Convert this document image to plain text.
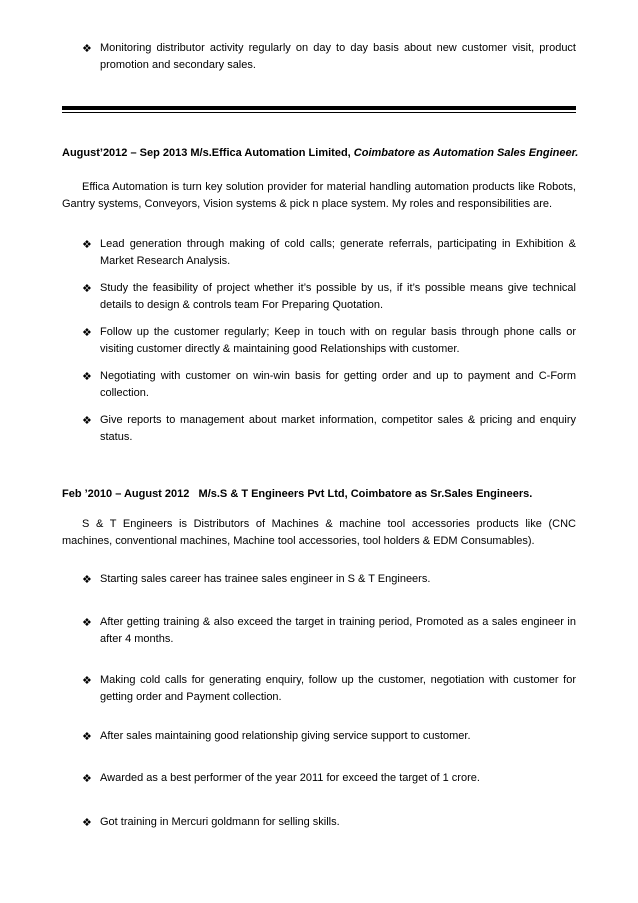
❖ Monitoring distributor activity regularly on day to day basis about new customer visit, product promotion and secondary sales.
August’2012 – Sep 2013 M/s.Effica Automation Limited, Coimbatore as Automation Sales Engineer.
Effica Automation is turn key solution provider for material handling automation products like Robots, Gantry systems, Conveyors, Vision systems & pick n place system. My roles and responsibilities are.
❖ Lead generation through making of cold calls; generate referrals, participating in Exhibition & Market Research Analysis.
❖ Study the feasibility of project whether it’s possible by us, if it’s possible means give technical details to design & controls team For Preparing Quotation.
❖ Follow up the customer regularly; Keep in touch with on regular basis through phone calls or visiting customer directly & maintaining good Relationships with customer.
❖ Negotiating with customer on win-win basis for getting order and up to payment and C-Form collection.
❖ Give reports to management about market information, competitor sales & pricing and enquiry status.
Feb ’2010 – August 2012   M/s.S & T Engineers Pvt Ltd, Coimbatore as Sr.Sales Engineers.
S & T Engineers is Distributors of Machines & machine tool accessories products like (CNC machines, conventional machines, Machine tool accessories, tool holders & EDM Consumables).
❖ Starting sales career has trainee sales engineer in S & T Engineers.
❖ After getting training & also exceed the target in training period, Promoted as a sales engineer in after 4 months.
❖ Making cold calls for generating enquiry, follow up the customer, negotiation with customer for getting order and Payment collection.
❖ After sales maintaining good relationship giving service support to customer.
❖ Awarded as a best performer of the year 2011 for exceed the target of 1 crore.
❖ Got training in Mercuri goldmann for selling skills.
